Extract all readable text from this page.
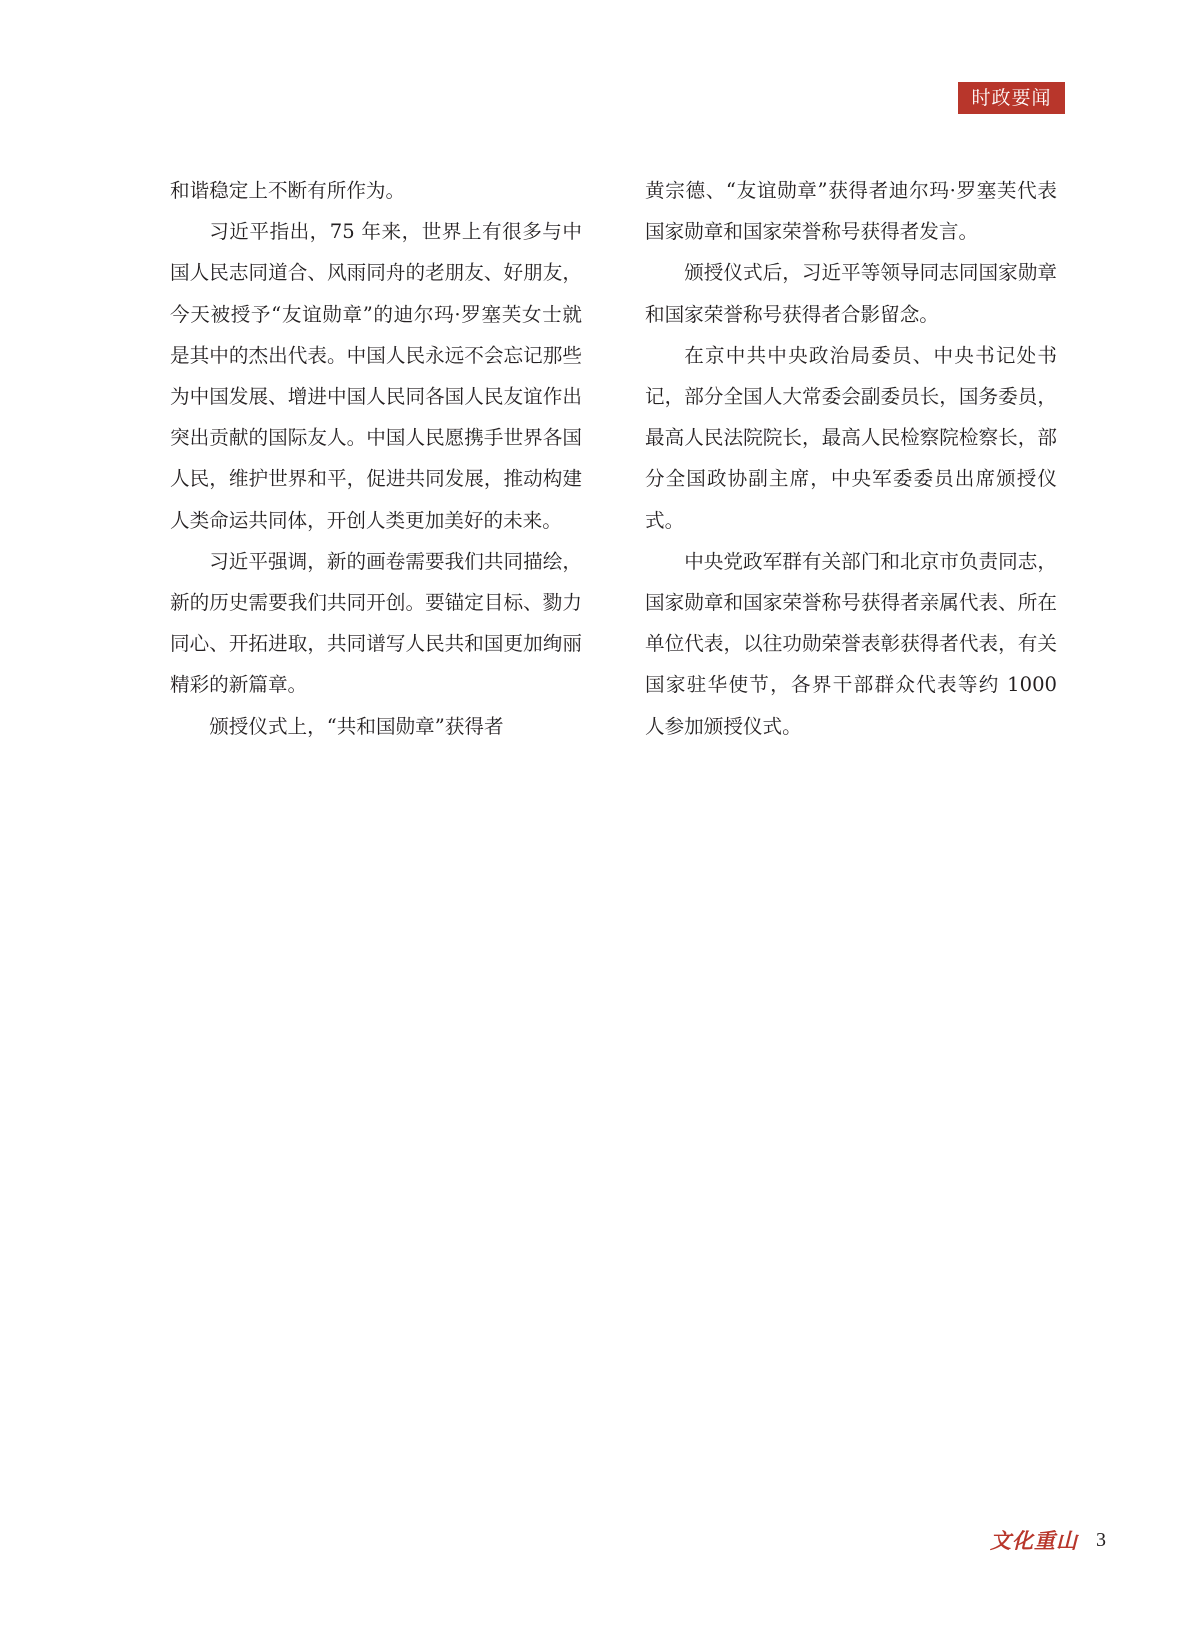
时政要闻

和谐稳定上不断有所作为。

习近平指出，75 年来，世界上有很多与中国人民志同道合、风雨同舟的老朋友、好朋友，今天被授予“友谊勋章”的迪尔玛·罗塞芙女士就是其中的杰出代表。中国人民永远不会忘记那些为中国发展、增进中国人民同各国人民友谊作出突出贡献的国际友人。中国人民愿携手世界各国人民，维护世界和平，促进共同发展，推动构建人类命运共同体，开创人类更加美好的未来。

习近平强调，新的画卷需要我们共同描绘，新的历史需要我们共同开创。要锚定目标、勠力同心、开拓进取，共同谱写人民共和国更加绚丽精彩的新篇章。

颁授仪式上，“共和国勋章”获得者

黄宗德、“友谊勋章”获得者迪尔玛·罗塞芙代表国家勋章和国家荣誉称号获得者发言。

颁授仪式后，习近平等领导同志同国家勋章和国家荣誉称号获得者合影留念。

在京中共中央政治局委员、中央书记处书记，部分全国人大常委会副委员长，国务委员，最高人民法院院长，最高人民检察院检察长，部分全国政协副主席，中央军委委员出席颁授仪式。

中央党政军群有关部门和北京市负责同志，国家勋章和国家荣誉称号获得者亲属代表、所在单位代表，以往功勋荣誉表彰获得者代表，有关国家驻华使节，各界干部群众代表等约 1000 人参加颁授仪式。

文化重山 3
